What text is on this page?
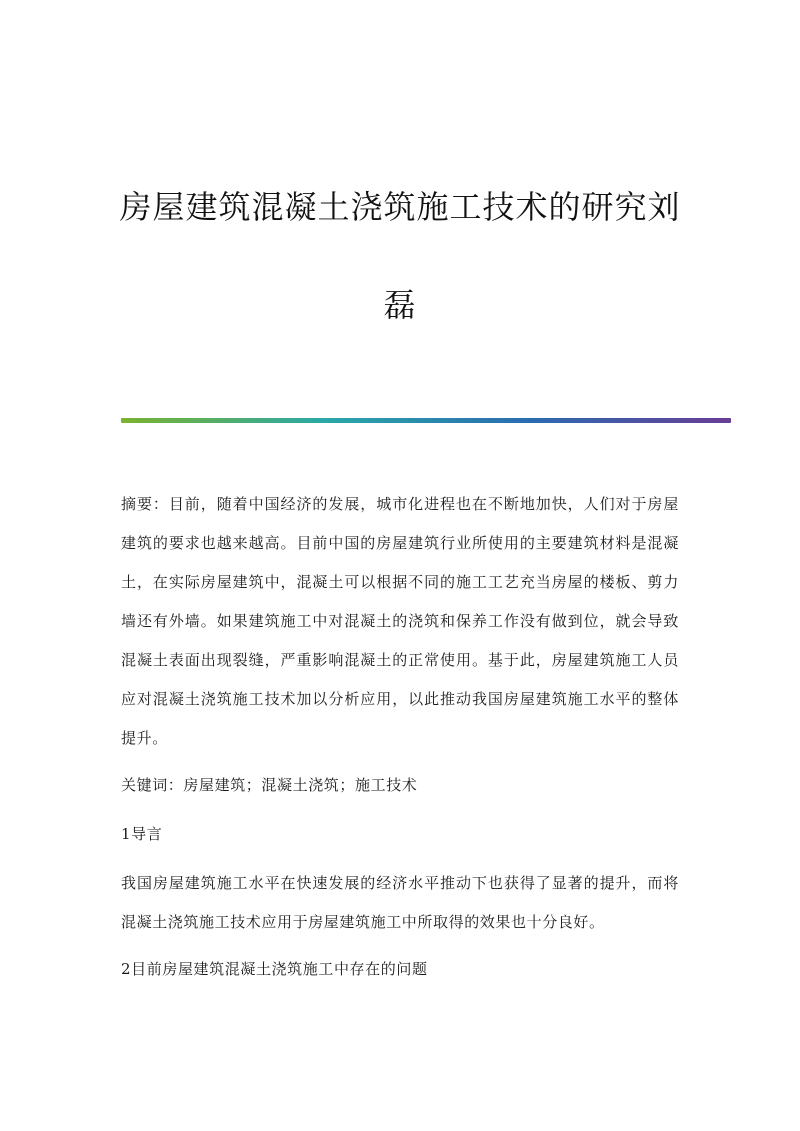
房屋建筑混凝土浇筑施工技术的研究刘磊

摘要：目前，随着中国经济的发展，城市化进程也在不断地加快，人们对于房屋建筑的要求也越来越高。目前中国的房屋建筑行业所使用的主要建筑材料是混凝土，在实际房屋建筑中，混凝土可以根据不同的施工工艺充当房屋的楼板、剪力墙还有外墙。如果建筑施工中对混凝土的浇筑和保养工作没有做到位，就会导致混凝土表面出现裂缝，严重影响混凝土的正常使用。基于此，房屋建筑施工人员应对混凝土浇筑施工技术加以分析应用，以此推动我国房屋建筑施工水平的整体提升。

关键词：房屋建筑；混凝土浇筑；施工技术

1导言

我国房屋建筑施工水平在快速发展的经济水平推动下也获得了显著的提升，而将混凝土浇筑施工技术应用于房屋建筑施工中所取得的效果也十分良好。

2目前房屋建筑混凝土浇筑施工中存在的问题
